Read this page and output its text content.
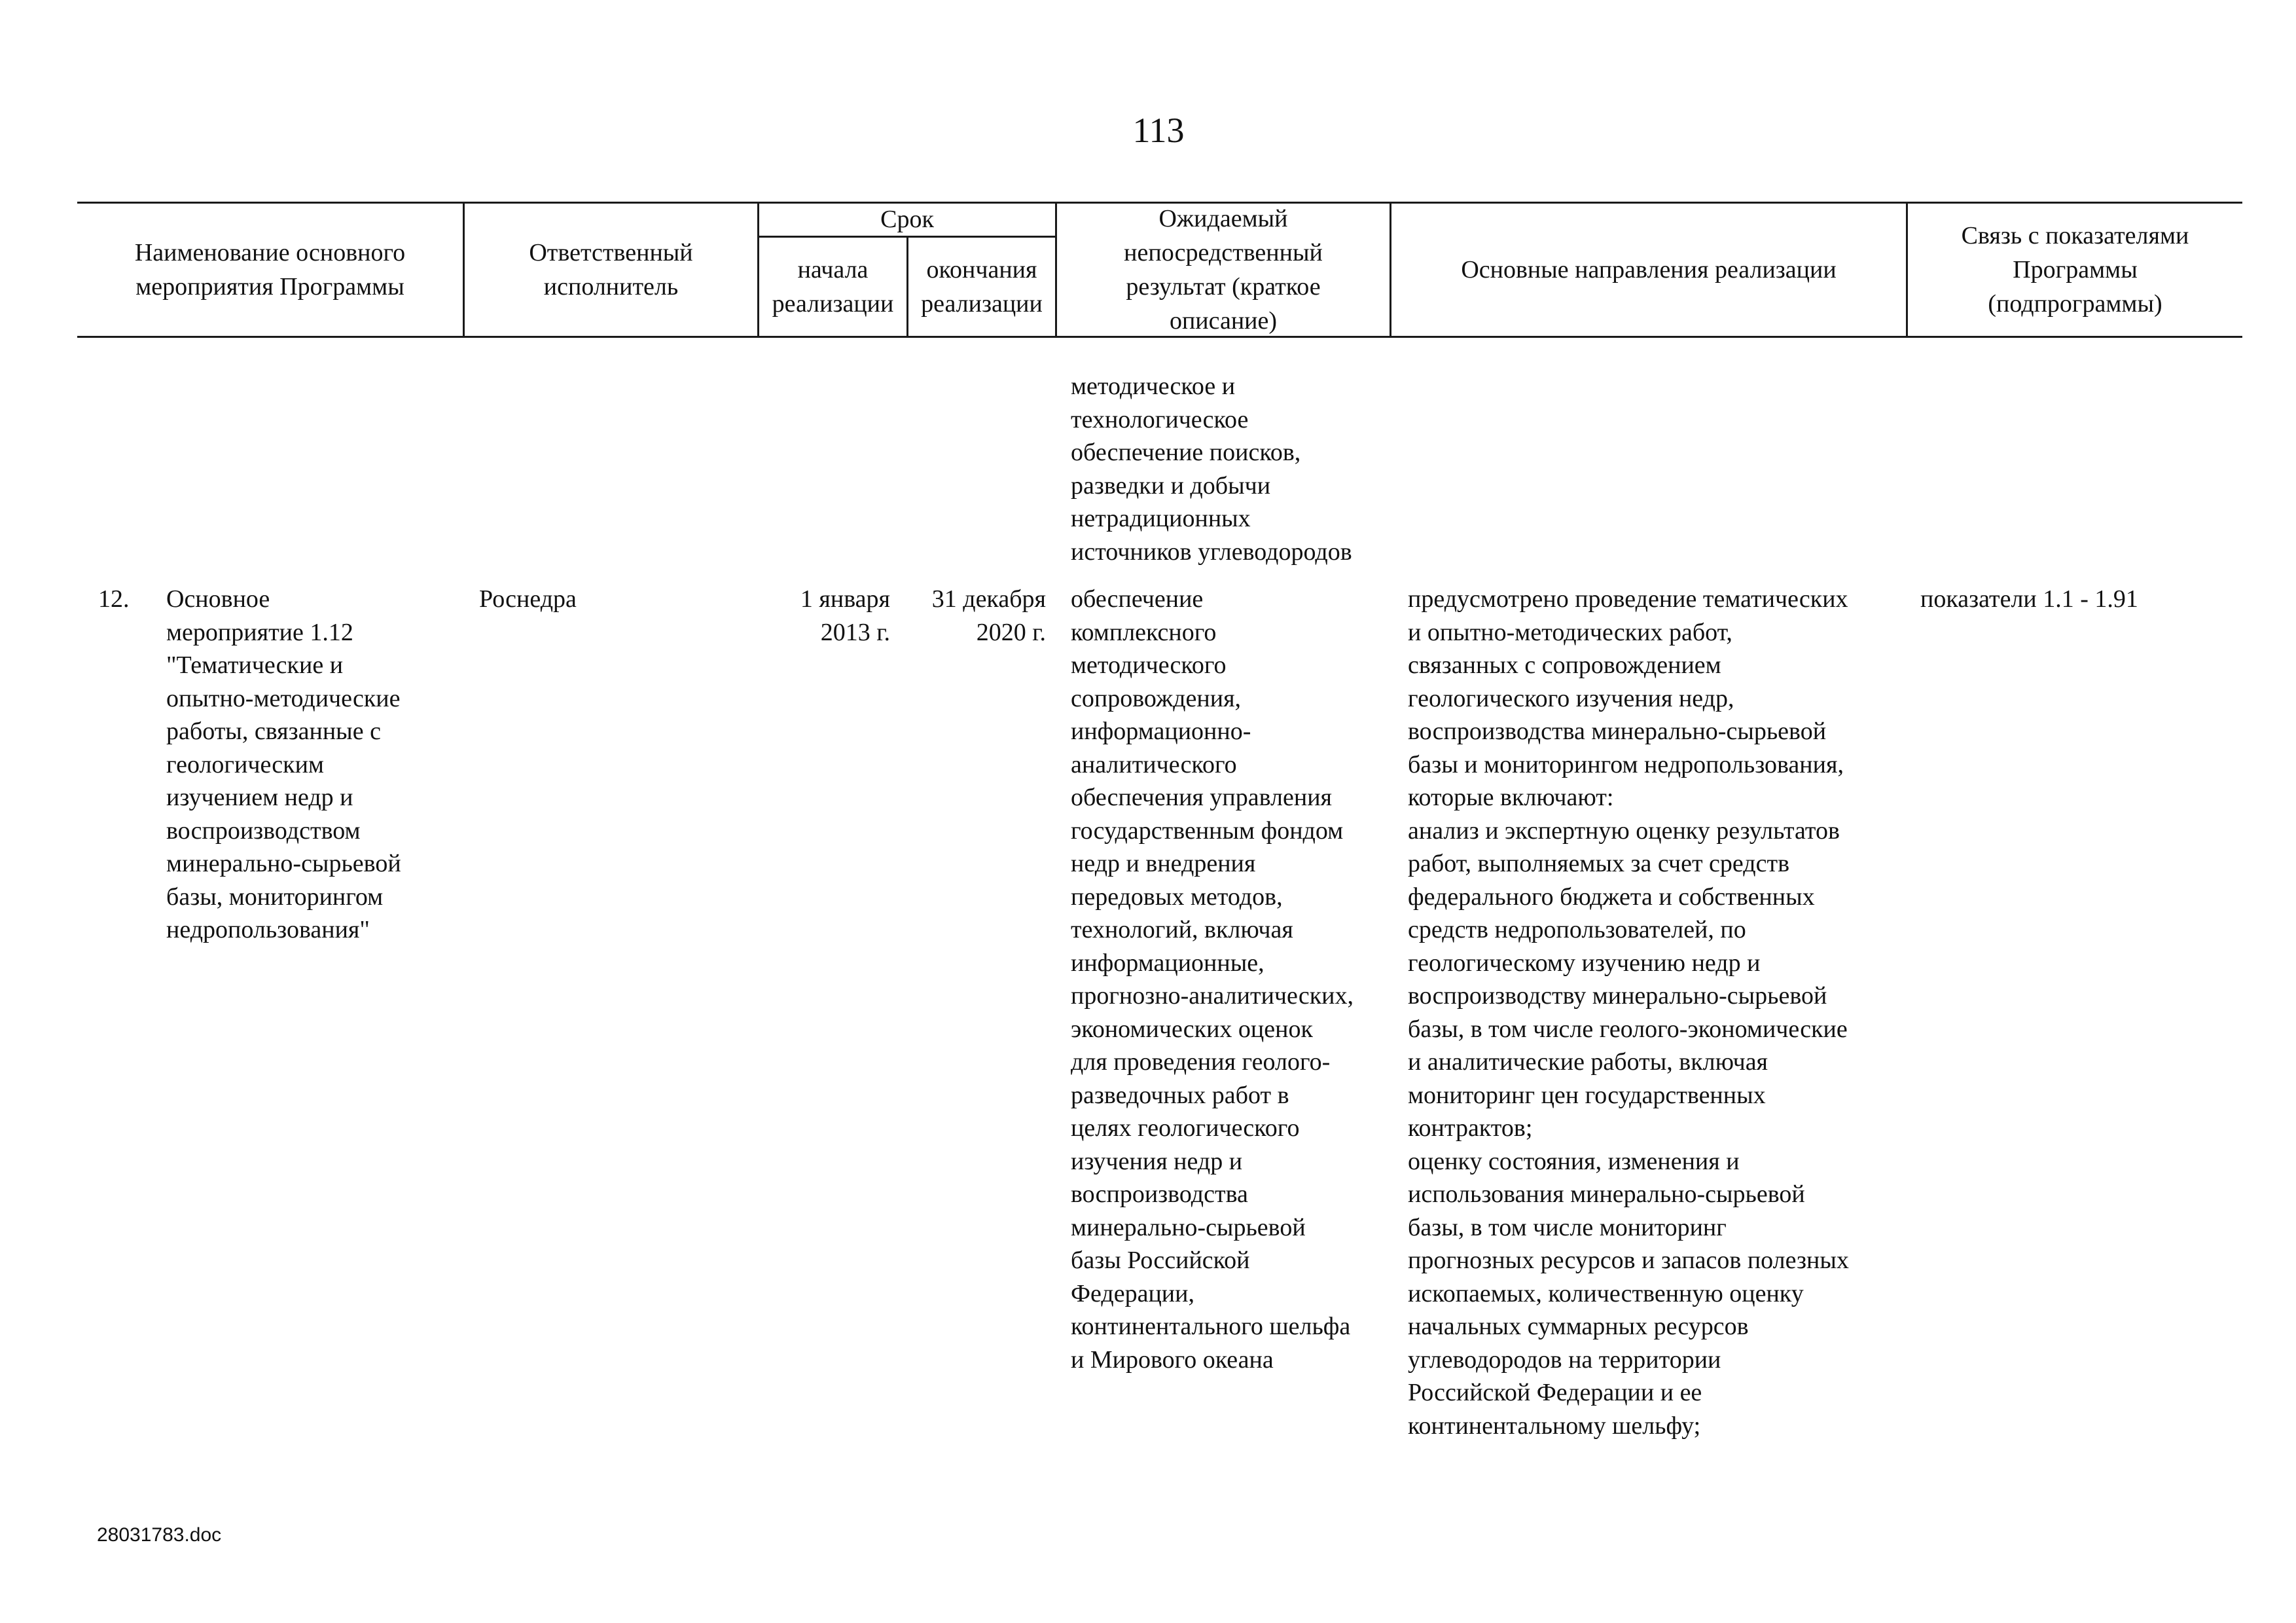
113
Наименование основного
мероприятия Программы
Ответственный
исполнитель
Срок
начала
реализации
окончания
реализации
Ожидаемый
непосредственный
результат (краткое
описание)
Основные направления реализации
Связь с показателями
Программы
(подпрограммы)
методическое и
технологическое
обеспечение поисков,
разведки и добычи
нетрадиционных
источников углеводородов
12. Основное
мероприятие 1.12
"Тематические и
опытно-методические
работы, связанные с
геологическим
изучением недр и
воспроизводством
минерально-сырьевой
базы, мониторингом
недропользования"
Роснедра	1 января
2013 г.
31 декабря
2020 г.
обеспечение
комплексного
методического
сопровождения,
информационно-
аналитического
обеспечения управления
государственным фондом
недр и внедрения
передовых методов,
технологий, включая
информационные,
прогнозно-аналитических,
экономических оценок
для проведения геолого-
разведочных работ в
целях геологического
изучения недр и
воспроизводства
минерально-сырьевой
базы Российской
Федерации,
континентального шельфа
и Мирового океана
предусмотрено проведение тематических
и опытно-методических работ,
связанных с сопровождением
геологического изучения недр,
воспроизводства минерально-сырьевой
базы и мониторингом недропользования,
которые включают:
анализ и экспертную оценку результатов
работ, выполняемых за счет средств
федерального бюджета и собственных
средств недропользователей, по
геологическому изучению недр и
воспроизводству минерально-сырьевой
базы, в том числе геолого-экономические
и аналитические работы, включая
мониторинг цен государственных
контрактов;
оценку состояния, изменения и
использования минерально-сырьевой
базы, в том числе мониторинг
прогнозных ресурсов и запасов полезных
ископаемых, количественную оценку
начальных суммарных ресурсов
углеводородов на территории
Российской Федерации и ее
континентальному шельфу;
показатели 1.1 - 1.91
28031783.doc
